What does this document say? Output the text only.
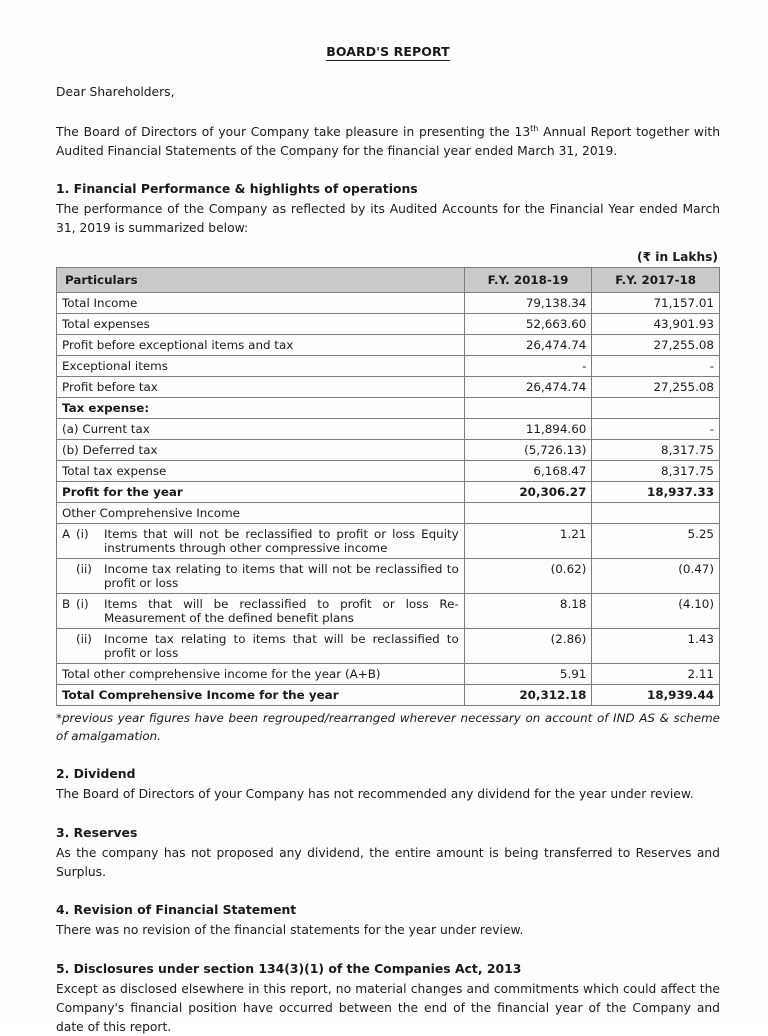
BOARD'S REPORT
Dear Shareholders,

The Board of Directors of your Company take pleasure in presenting the 13th Annual Report together with Audited Financial Statements of the Company for the financial year ended March 31, 2019.

1. Financial Performance & highlights of operations

The performance of the Company as reflected by its Audited Accounts for the Financial Year ended March 31, 2019 is summarized below:

(₹ in Lakhs)
Particulars	F.Y. 2018-19	F.Y. 2017-18
Total Income	79,138.34	71,157.01
Total expenses	52,663.60	43,901.93
Profit before exceptional items and tax	26,474.74	27,255.08
Exceptional items	-	-
Profit before tax	26,474.74	27,255.08
Tax expense:		
(a) Current tax	11,894.60	-
(b) Deferred tax	(5,726.13)	8,317.75
Total tax expense	6,168.47	8,317.75
Profit for the year	20,306.27	18,937.33
Other Comprehensive Income		

A (i) Items that will not be reclassified to profit or loss Equity instruments through other compressive income	1.21	5.25

(ii) Income tax relating to items that will not be reclassified to profit or loss	(0.62)	(0.47)

B (i) Items that will be reclassified to profit or loss Re-Measurement of the defined benefit plans	8.18	(4.10)

(ii) Income tax relating to items that will be reclassified to profit or loss	(2.86)	1.43
Total other comprehensive income for the year (A+B)	5.91	2.11
Total Comprehensive Income for the year	20,312.18	18,939.44

*previous year figures have been regrouped/rearranged wherever necessary on account of IND AS & scheme of amalgamation.

2. Dividend

The Board of Directors of your Company has not recommended any dividend for the year under review.

3. Reserves

As the company has not proposed any dividend, the entire amount is being transferred to Reserves and Surplus.

4. Revision of Financial Statement

There was no revision of the financial statements for the year under review.

5. Disclosures under section 134(3)(1) of the Companies Act, 2013

Except as disclosed elsewhere in this report, no material changes and commitments which could affect the Company's financial position have occurred between the end of the financial year of the Company and date of this report.
